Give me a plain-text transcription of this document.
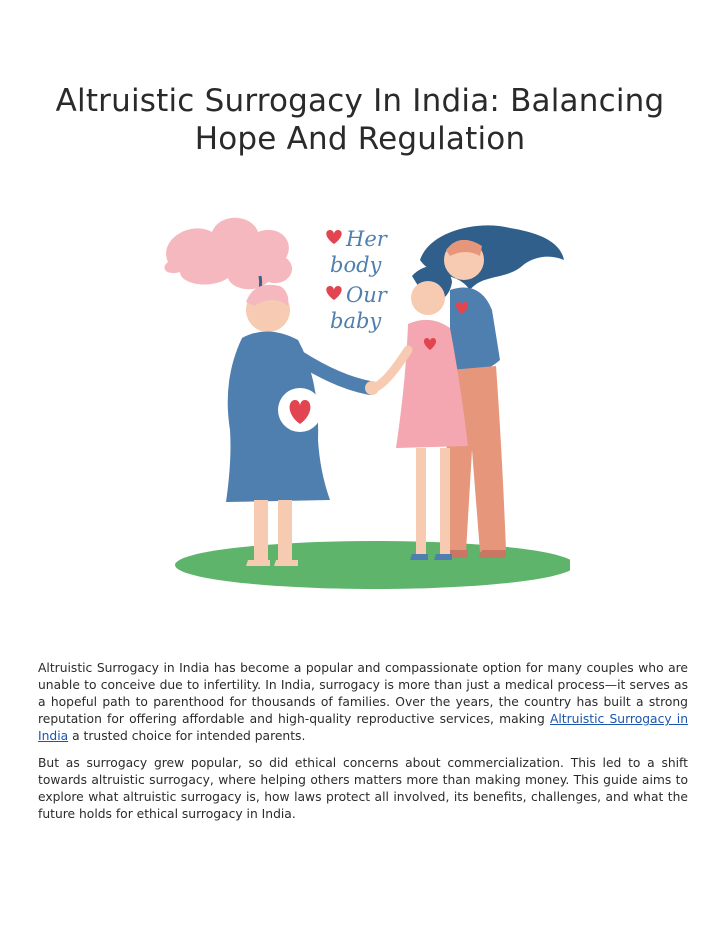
Altruistic Surrogacy In India: Balancing Hope And Regulation
Her
body
Our
baby

Altruistic Surrogacy in India has become a popular and compassionate option for many couples who are unable to conceive due to infertility. In India, surrogacy is more than just a medical process—it serves as a hopeful path to parenthood for thousands of families. Over the years, the country has built a strong reputation for offering affordable and high-quality reproductive services, making Altruistic Surrogacy in India a trusted choice for intended parents.

But as surrogacy grew popular, so did ethical concerns about commercialization. This led to a shift towards altruistic surrogacy, where helping others matters more than making money. This guide aims to explore what altruistic surrogacy is, how laws protect all involved, its benefits, challenges, and what the future holds for ethical surrogacy in India.
